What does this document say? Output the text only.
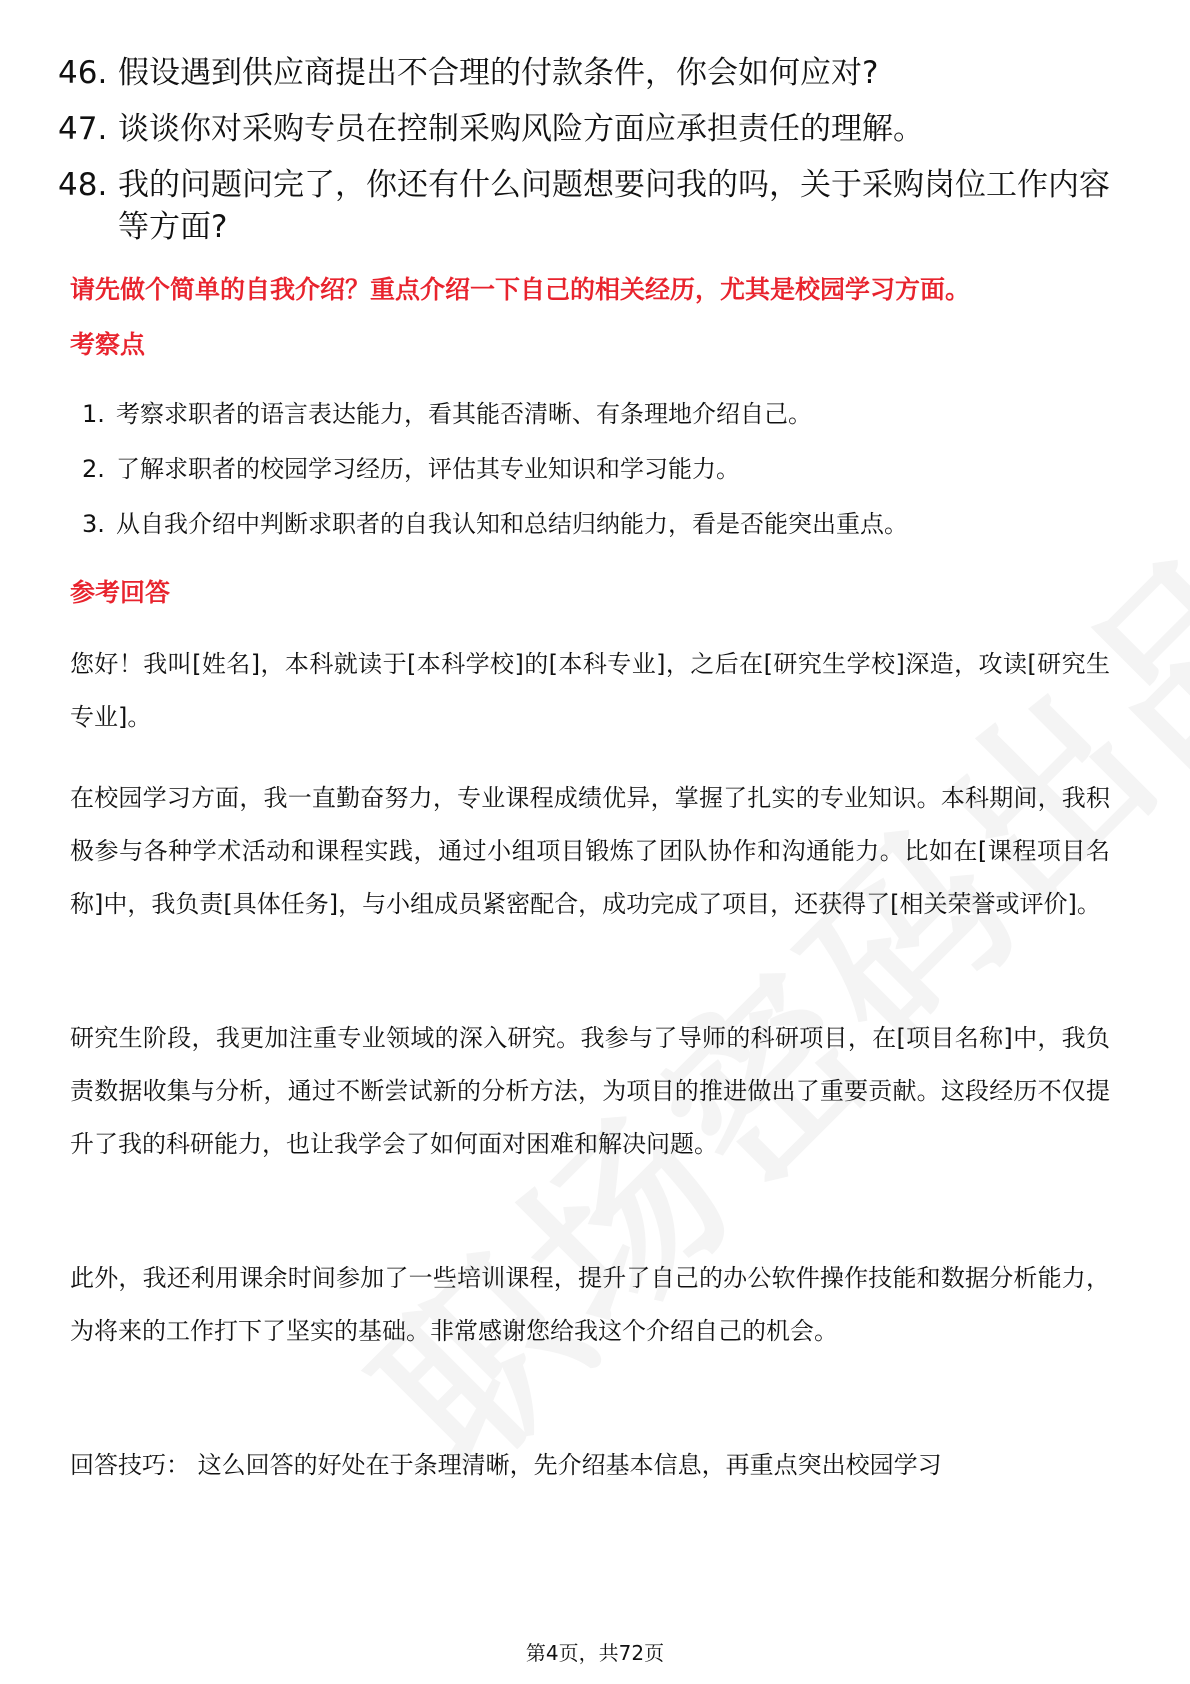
46. 假设遇到供应商提出不合理的付款条件，你会如何应对?
47. 谈谈你对采购专员在控制采购风险方面应承担责任的理解。
48. 我的问题问完了，你还有什么问题想要问我的吗，关于采购岗位工作内容等方面?
请先做个简单的自我介绍？重点介绍一下自己的相关经历，尤其是校园学习方面。
考察点
1. 考察求职者的语言表达能力，看其能否清晰、有条理地介绍自己。
2. 了解求职者的校园学习经历，评估其专业知识和学习能力。
3. 从自我介绍中判断求职者的自我认知和总结归纳能力，看是否能突出重点。
参考回答
您好！我叫[姓名]，本科就读于[本科学校]的[本科专业]，之后在[研究生学校]深造，攻读[研究生专业]。
在校园学习方面，我一直勤奋努力，专业课程成绩优异，掌握了扎实的专业知识。本科期间，我积极参与各种学术活动和课程实践，通过小组项目锻炼了团队协作和沟通能力。比如在[课程项目名称]中，我负责[具体任务]，与小组成员紧密配合，成功完成了项目，还获得了[相关荣誉或评价]。
研究生阶段，我更加注重专业领域的深入研究。我参与了导师的科研项目，在[项目名称]中，我负责数据收集与分析，通过不断尝试新的分析方法，为项目的推进做出了重要贡献。这段经历不仅提升了我的科研能力，也让我学会了如何面对困难和解决问题。
此外，我还利用课余时间参加了一些培训课程，提升了自己的办公软件操作技能和数据分析能力，为将来的工作打下了坚实的基础。非常感谢您给我这个介绍自己的机会。
回答技巧： 这么回答的好处在于条理清晰，先介绍基本信息，再重点突出校园学习
第4页，共72页
